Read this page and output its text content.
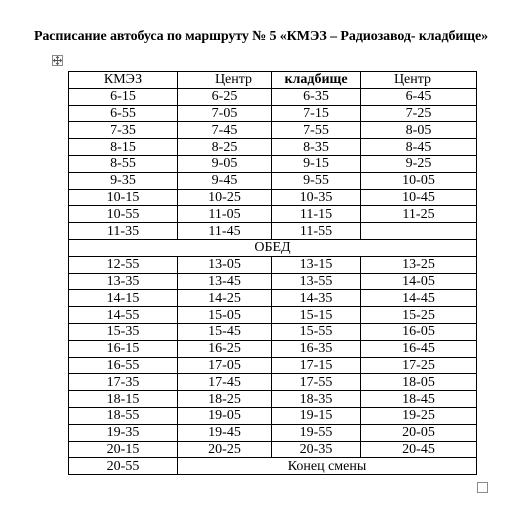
Расписание автобуса по маршруту № 5 «КМЭЗ – Радиозавод- кладбище»
КМЭЗ	Центр	кладбище	Центр
6-15	6-25	6-35	6-45
6-55	7-05	7-15	7-25
7-35	7-45	7-55	8-05
8-15	8-25	8-35	8-45
8-55	9-05	9-15	9-25
9-35	9-45	9-55	10-05
10-15	10-25	10-35	10-45
10-55	11-05	11-15	11-25
11-35	11-45	11-55	
ОБЕД			
12-55	13-05	13-15	13-25
13-35	13-45	13-55	14-05
14-15	14-25	14-35	14-45
14-55	15-05	15-15	15-25
15-35	15-45	15-55	16-05
16-15	16-25	16-35	16-45
16-55	17-05	17-15	17-25
17-35	17-45	17-55	18-05
18-15	18-25	18-35	18-45
18-55	19-05	19-15	19-25
19-35	19-45	19-55	20-05
20-15	20-25	20-35	20-45
20-55	Конец смены		
